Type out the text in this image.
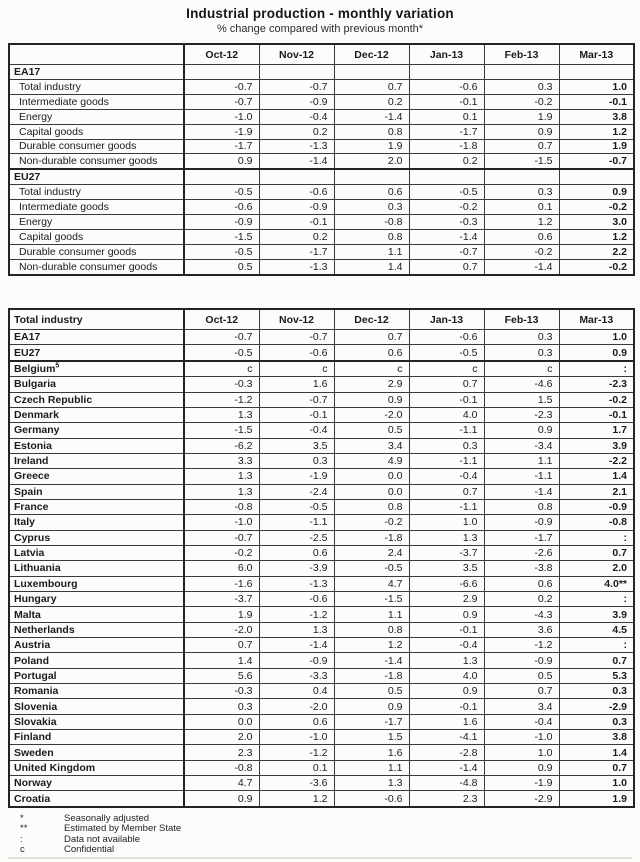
Industrial production - monthly variation
% change compared with previous month*
	Oct-12	Nov-12	Dec-12	Jan-13	Feb-13	Mar-13
EA17						
Total industry	-0.7	-0.7	0.7	-0.6	0.3	1.0
Intermediate goods	-0.7	-0.9	0.2	-0.1	-0.2	-0.1
Energy	-1.0	-0.4	-1.4	0.1	1.9	3.8
Capital goods	-1.9	0.2	0.8	-1.7	0.9	1.2
Durable consumer goods	-1.7	-1.3	1.9	-1.8	0.7	1.9
Non-durable consumer goods	0.9	-1.4	2.0	0.2	-1.5	-0.7
EU27						
Total industry	-0.5	-0.6	0.6	-0.5	0.3	0.9
Intermediate goods	-0.6	-0.9	0.3	-0.2	0.1	-0.2
Energy	-0.9	-0.1	-0.8	-0.3	1.2	3.0
Capital goods	-1.5	0.2	0.8	-1.4	0.6	1.2
Durable consumer goods	-0.5	-1.7	1.1	-0.7	-0.2	2.2
Non-durable consumer goods	0.5	-1.3	1.4	0.7	-1.4	-0.2
Total industry	Oct-12	Nov-12	Dec-12	Jan-13	Feb-13	Mar-13
EA17	-0.7	-0.7	0.7	-0.6	0.3	1.0
EU27	-0.5	-0.6	0.6	-0.5	0.3	0.9
Belgium$^5$	c	c	c	c	c	:
Bulgaria	-0.3	1.6	2.9	0.7	-4.6	-2.3
Czech Republic	-1.2	-0.7	0.9	-0.1	1.5	-0.2
Denmark	1.3	-0.1	-2.0	4.0	-2.3	-0.1
Germany	-1.5	-0.4	0.5	-1.1	0.9	1.7
Estonia	-6.2	3.5	3.4	0.3	-3.4	3.9
Ireland	3.3	0.3	4.9	-1.1	1.1	-2.2
Greece	1.3	-1.9	0.0	-0.4	-1.1	1.4
Spain	1.3	-2.4	0.0	0.7	-1.4	2.1
France	-0.8	-0.5	0.8	-1.1	0.8	-0.9
Italy	-1.0	-1.1	-0.2	1.0	-0.9	-0.8
Cyprus	-0.7	-2.5	-1.8	1.3	-1.7	:
Latvia	-0.2	0.6	2.4	-3.7	-2.6	0.7
Lithuania	6.0	-3.9	-0.5	3.5	-3.8	2.0
Luxembourg	-1.6	-1.3	4.7	-6.6	0.6	4.0**
Hungary	-3.7	-0.6	-1.5	2.9	0.2	:
Malta	1.9	-1.2	1.1	0.9	-4.3	3.9
Netherlands	-2.0	1.3	0.8	-0.1	3.6	4.5
Austria	0.7	-1.4	1.2	-0.4	-1.2	:
Poland	1.4	-0.9	-1.4	1.3	-0.9	0.7
Portugal	5.6	-3.3	-1.8	4.0	0.5	5.3
Romania	-0.3	0.4	0.5	0.9	0.7	0.3
Slovenia	0.3	-2.0	0.9	-0.1	3.4	-2.9
Slovakia	0.0	0.6	-1.7	1.6	-0.4	0.3
Finland	2.0	-1.0	1.5	-4.1	-1.0	3.8
Sweden	2.3	-1.2	1.6	-2.8	1.0	1.4
United Kingdom	-0.8	0.1	1.1	-1.4	0.9	0.7
Norway	4.7	-3.6	1.3	-4.8	-1.9	1.0
Croatia	0.9	1.2	-0.6	2.3	-2.9	1.9
*	Seasonally adjusted
**	Estimated by Member State
:	Data not available
c	Confidential
